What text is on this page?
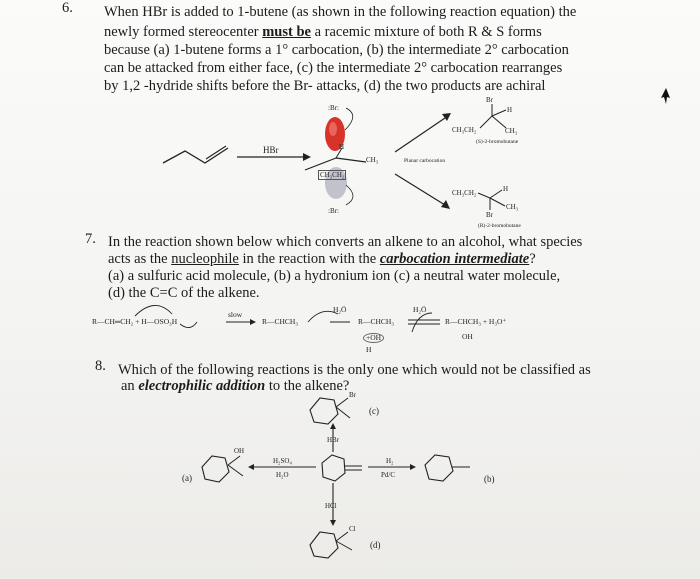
6. When HBr is added to 1-butene (as shown in the following reaction equation) the
newly formed stereocenter must be a racemic mixture of both R & S forms
because (a) 1-butene forms a 1° carbocation, (b) the intermediate 2° carbocation
can be attacked from either face, (c) the intermediate 2° carbocation rearranges
by 1,2 -hydride shifts before the Br- attacks, (d) the two products are achiral
HBr
:Br:
:Br:
H
CH₃
CH₃CH₂
Planar carbocation
Br
H
CH₃CH₂	CH₃
(S)-2-bromobutane
H
CH₃CH₂
CH₃
Br
(R)-2-bromobutane
7. In the reaction shown below which converts an alkene to an alcohol, what species
acts as the nucleophile in the reaction with the carbocation intermediate?
(a) a sulfuric acid molecule, (b) a hydronium ion (c) a neutral water molecule,
(d) the C=C of the alkene.
R—CH═CH₂ + H—OSO₃H
slow
R—CHCH₃
H₂Ö
R—CHCH₃
+OH
H
H₂Ö
R—CHCH₃ + H₃O⁺
OH
8. Which of the following reactions is the only one which would not be classified as
an electrophilic addition to the alkene?
Br
(c)
HBr
OH
(a)
H₂SO₄
H₂O
H₂
Pd/C	(b)
HCl
Cl
(d)
